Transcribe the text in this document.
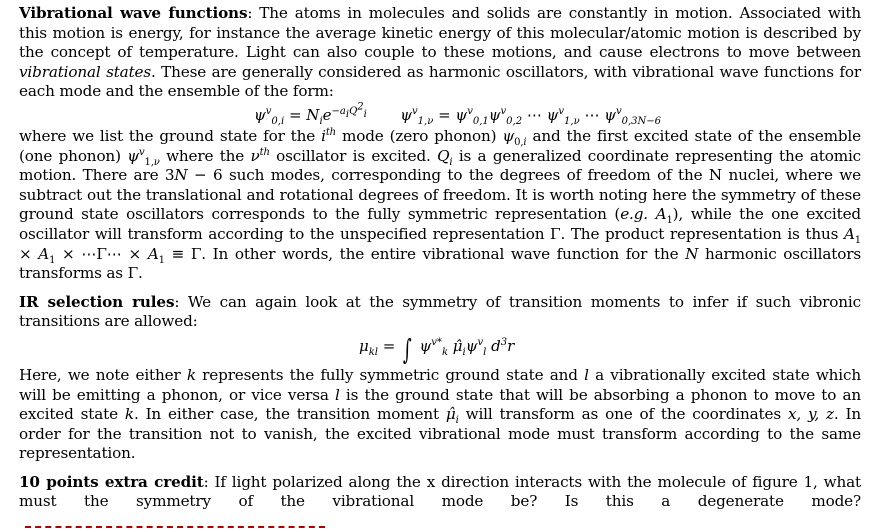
Vibrational wave functions: The atoms in molecules and solids are constantly in motion. Associated with this motion is energy, for instance the average kinetic energy of this molecular/atomic motion is described by the concept of temperature. Light can also couple to these motions, and cause electrons to move between vibrational states. These are generally considered as harmonic oscillators, with vibrational wave functions for each mode and the ensemble of the form:

$\psi^v_{0,i} = N_ie^{-a_iQ^2_i}$ $\psi^v_{1,\nu} = \psi^v_{0,1}\psi^v_{0,2}$ ⋯ $\psi^v_{1,\nu}$ ⋯ $\psi^v_{0,3N-6}$

where we list the ground state for the $i^{th}$ mode (zero phonon) $\psi_{0,i}$ and the first excited state of the ensemble (one phonon) $\psi^v_{1,\nu}$ where the $\nu^{th}$ oscillator is excited. $Q_i$ is a generalized coordinate representing the atomic motion. There are 3N − 6 such modes, corresponding to the degrees of freedom of the N nuclei, where we subtract out the translational and rotational degrees of freedom. It is worth noting here the symmetry of these ground state oscillators corresponds to the fully symmetric representation (e.g. $A_1$), while the one excited oscillator will transform according to the unspecified representation Γ. The product representation is thus $A_1 \times A_1$ × ⋯Γ⋯ × $A_1 \equiv \Gamma$. In other words, the entire vibrational wave function for the N harmonic oscillators transforms as Γ.

IR selection rules: We can again look at the symmetry of transition moments to infer if such vibronic transitions are allowed:

$\mu_{kl}$ = ∫ $\psi^{v*}_k$ $\mû_i\psi^v_l$ $d^3r$

Here, we note either k represents the fully symmetric ground state and l a vibrationally excited state which will be emitting a phonon, or vice versa l is the ground state that will be absorbing a phonon to move to an excited state k. In either case, the transition moment $\mû_i$ will transform as one of the coordinates x, y, z. In order for the transition not to vanish, the excited vibrational mode must transform according to the same representation.

10 points extra credit: If light polarized along the x direction interacts with the molecule of figure 1, what must the symmetry of the vibrational mode be? Is this a degenerate mode?
